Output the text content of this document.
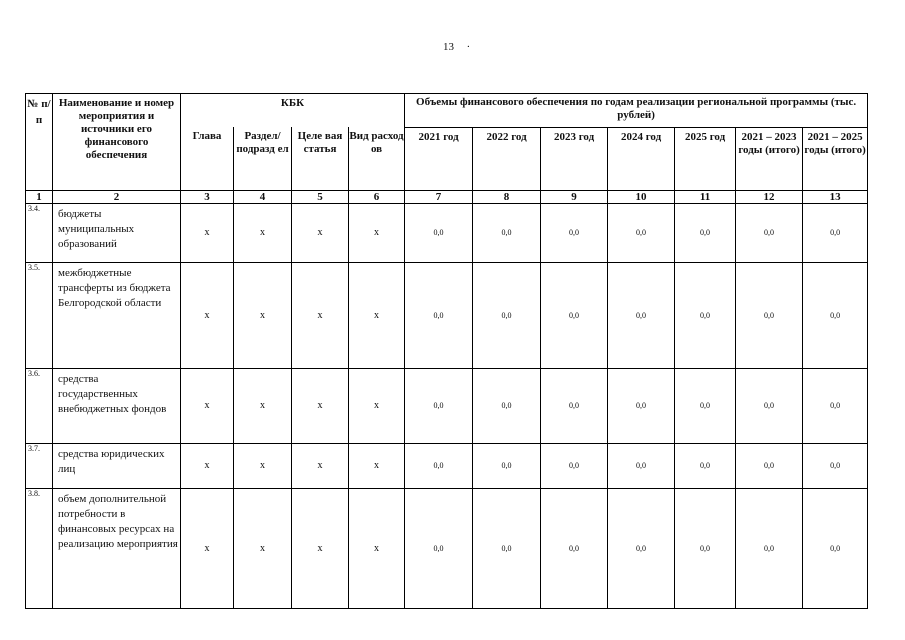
13 .
№ п/п	Наименование и номер мероприятия и источники его финансового обеспечения	КБК				Объемы финансового обеспечения по годам реализации региональной программы (тыс. рублей)						
		Глава	Раздел/ подразд ел	Целе вая статья	Вид расход ов	2021 год	2022 год	2023 год	2024 год	2025 год	2021 – 2023 годы (итого)	2021 – 2025 годы (итого)
1	2	3	4	5	6	7	8	9	10	11	12	13
3.4.	бюджеты муниципальных образований	х	х	х	х	0,0	0,0	0,0	0,0	0,0	0,0	0,0
3.5.	межбюджетные трансферты из бюджета Белгородской области	х	х	х	х	0,0	0,0	0,0	0,0	0,0	0,0	0,0
3.6.	средства государственных внебюджетных фондов	х	х	х	х	0,0	0,0	0,0	0,0	0,0	0,0	0,0
3.7.	средства юридических лиц	х	х	х	х	0,0	0,0	0,0	0,0	0,0	0,0	0,0
3.8.	объем дополнительной потребности в финансовых ресурсах на реализацию мероприятия	х	х	х	х	0,0	0,0	0,0	0,0	0,0	0,0	0,0
